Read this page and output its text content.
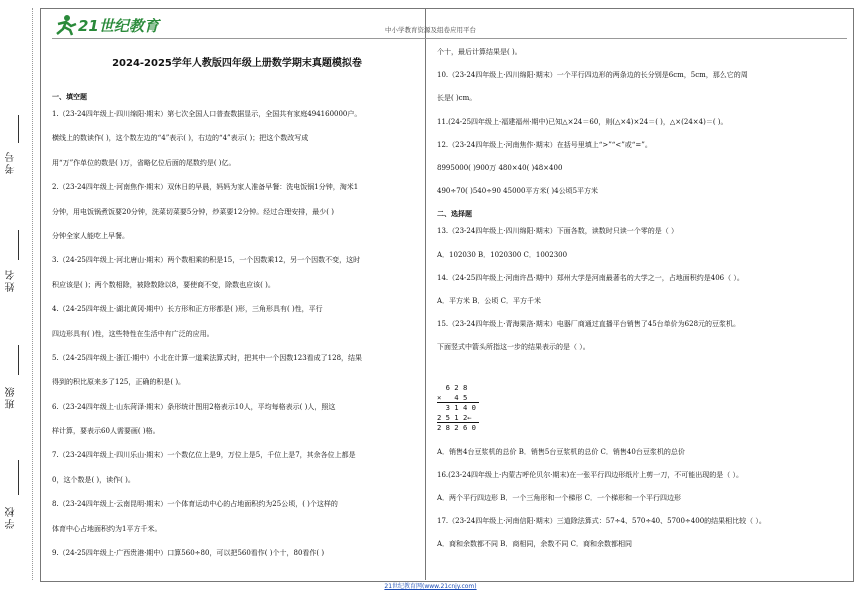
考号
姓名
班级
学校
21世纪教育	中小学教育资源及组卷应用平台
2024-2025学年人教版四年级上册数学期末真题模拟卷

一、填空题

1.（23-24四年级上·四川绵阳·期末）第七次全国人口普查数据显示，全国共有家庭494160000户。

横线上的数读作( )，这个数左边的“4”表示( )，右边的“4”表示( )；把这个数改写成

用“万”作单位的数是( )万，省略亿位后面的尾数约是( )亿。

2.（23-24四年级上·河南焦作·期末）双休日的早晨，妈妈为家人准备早餐：洗电饭锅1分钟，淘米1

分钟，用电饭锅煮饭要20分钟，洗菜切菜要5分钟，炒菜要12分钟。经过合理安排，最少( )

分钟全家人能吃上早餐。

3.（24-25四年级上·河北唐山·期末）两个数相乘的积是15，一个因数乘12，另一个因数不变，这时

积应该是( )；两个数相除，被除数除以8，要使商不变，除数也应该( )。

4.（24-25四年级上·湖北黄冈·期中）长方形和正方形都是( )形，三角形具有( )性，平行

四边形具有( )性，这些特性在生活中有广泛的应用。

5.（24-25四年级上·浙江·期中）小北在计算一道乘法算式时，把其中一个因数123看成了128，结果

得到的积比原来多了125，正确的积是( )。

6.（23-24四年级上·山东菏泽·期末）条形统计图用2格表示10人，平均每格表示( )人，照这

样计算，要表示60人需要画( )格。

7.（23-24四年级上·四川乐山·期末）一个数亿位上是9，万位上是5，千位上是7，其余各位上都是

0，这个数是( )，读作( )。

8.（23-24四年级上·云南昆明·期末）一个体育运动中心的占地面积约为25公顷，( )个这样的

体育中心占地面积约为1平方千米。

9.（24-25四年级上·广西贵港·期中）口算560÷80，可以把560看作( )个十，80看作( )

个十，最后计算结果是( )。

10.（23-24四年级上·四川绵阳·期末）一个平行四边形的两条边的长分别是6cm，5cm，那么它的周

长是( )cm。

11.(24-25四年级上·福建福州·期中)已知△×24＝60，则(△×4)×24＝( )，△×(24×4)＝( )。

12.（23-24四年级上·河南焦作·期末）在括号里填上“>”“<”或“=”。

8995000( )900万 480×40( )48×400

490÷70( )540÷90 45000平方米( )4公顷5平方米

二、选择题

13.（23-24四年级上·四川绵阳·期末）下面各数，读数时只读一个零的是（ ）

A．102030 B．1020300 C．1002300

14.（24-25四年级上·河南许昌·期中）郑州大学是河南最著名的大学之一，占地面积约是406（ ）。

A．平方米 B．公顷 C．平方千米

15.（23-24四年级上·青海果洛·期末）电器厂商通过直播平台销售了45台单价为628元的豆浆机。

下面竖式中箭头所指这一步的结果表示的是（ ）。

6 2 8
×   4 5
3 1 4 0
2 5 1 2←
2 8 2 6 0

A．销售4台豆浆机的总价 B．销售5台豆浆机的总价 C．销售40台豆浆机的总价

16.(23-24四年级上·内蒙古呼伦贝尔·期末)在一张平行四边形纸片上剪一刀，不可能出现的是（ ）。

A．两个平行四边形 B．一个三角形和一个梯形 C．一个梯形和一个平行四边形

17.（23-24四年级上·河南信阳·期末）三道除法算式：57÷4、570÷40、5700÷400的结果相比较（ ）。

A．商和余数都不同 B．商相同，余数不同 C．商和余数都相同

21世纪教育网(www.21cnjy.com)
